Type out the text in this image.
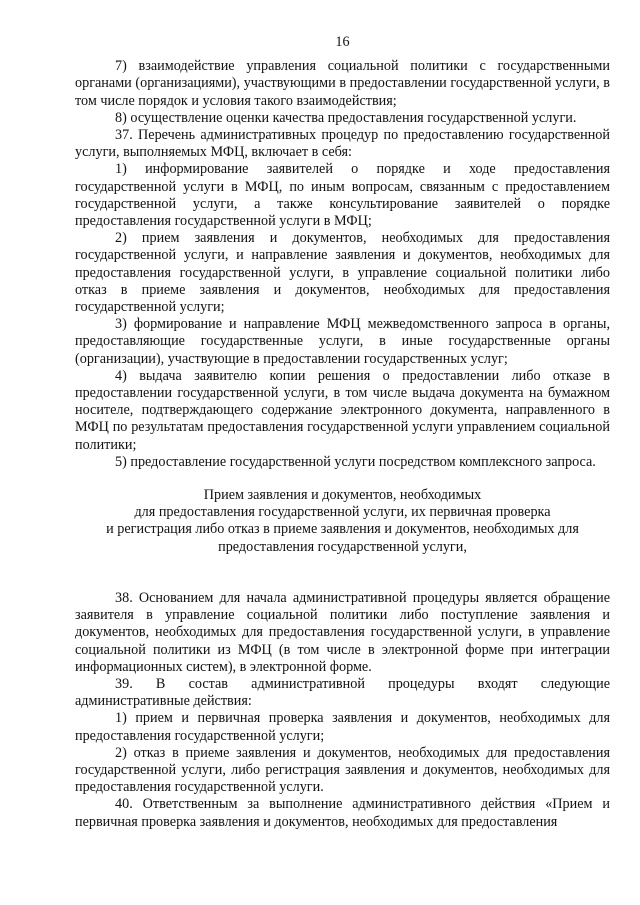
16

7) взаимодействие управления социальной политики с государственными органами (организациями), участвующими в предоставлении государственной услуги, в том числе порядок и условия такого взаимодействия;

8) осуществление оценки качества предоставления государственной услуги.

37. Перечень административных процедур по предоставлению государственной услуги, выполняемых МФЦ, включает в себя:

1) информирование заявителей о порядке и ходе предоставления государственной услуги в МФЦ, по иным вопросам, связанным с предоставлением государственной услуги, а также консультирование заявителей о порядке предоставления государственной услуги в МФЦ;

2) прием заявления и документов, необходимых для предоставления государственной услуги, и направление заявления и документов, необходимых для предоставления государственной услуги, в управление социальной политики либо отказ в приеме заявления и документов, необходимых для предоставления государственной услуги;

3) формирование и направление МФЦ межведомственного запроса в органы, предоставляющие государственные услуги, в иные государственные органы (организации), участвующие в предоставлении государственных услуг;

4) выдача заявителю копии решения о предоставлении либо отказе в предоставлении государственной услуги, в том числе выдача документа на бумажном носителе, подтверждающего содержание электронного документа, направленного в МФЦ по результатам предоставления государственной услуги управлением социальной политики;

5) предоставление государственной услуги посредством комплексного запроса.

Прием заявления и документов, необходимых

для предоставления государственной услуги, их первичная проверка

и регистрация либо отказ в приеме заявления и документов, необходимых для

предоставления государственной услуги,

38. Основанием для начала административной процедуры является обращение заявителя в управление социальной политики либо поступление заявления и документов, необходимых для предоставления государственной услуги, в управление социальной политики из МФЦ (в том числе в электронной форме при интеграции информационных систем), в электронной форме.

39. В состав административной процедуры входят следующие административные действия:

1) прием и первичная проверка заявления и документов, необходимых для предоставления государственной услуги;

2) отказ в приеме заявления и документов, необходимых для предоставления государственной услуги, либо регистрация заявления и документов, необходимых для предоставления государственной услуги.

40. Ответственным за выполнение административного действия «Прием и первичная проверка заявления и документов, необходимых для предоставления
